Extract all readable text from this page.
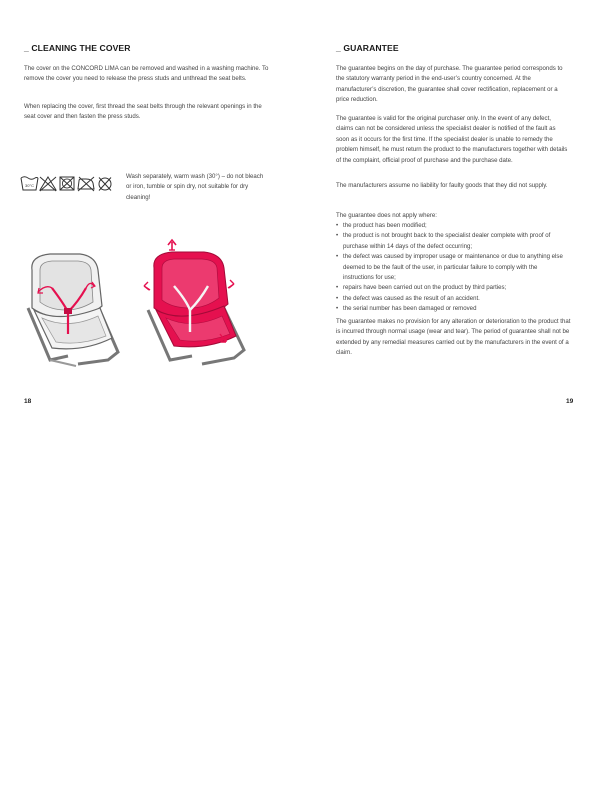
_ CLEANING THE COVER

The cover on the CONCORD LIMA can be removed and washed in a washing machine. To remove the cover you need to release the press studs and unthread the seat belts.

When replacing the cover, first thread the seat belts through the relevant openings in the seat cover and then fasten the press studs.

30°C

Wash separately, warm wash (30°) – do not bleach or iron, tumble or spin dry, not suitable for dry cleaning!

18
_ GUARANTEE

The guarantee begins on the day of purchase. The guarantee period corresponds to the statutory warranty period in the end-user’s country concerned. At the manufacturer’s discretion, the guarantee shall cover rectification, replacement or a price reduction.

The guarantee is valid for the original purchaser only. In the event of any defect, claims can not be considered unless the specialist dealer is notified of the fault as soon as it occurs for the first time. If the specialist dealer is unable to remedy the problem himself, he must return the product to the manufacturers together with details of the complaint, official proof of purchase and the purchase date.

The manufacturers assume no liability for faulty goods that they did not supply.

The guarantee does not apply where:

• the product has been modified;
• the product is not brought back to the specialist dealer complete with proof of purchase within 14 days of the defect occurring;
• the defect was caused by improper usage or maintenance or due to anything else deemed to be the fault of the user, in particular failure to comply with the instructions for use;
• repairs have been carried out on the product by third parties;
• the defect was caused as the result of an accident.
• the serial number has been damaged or removed

The guarantee makes no provision for any alteration or deterioration to the product that is incurred through normal usage (wear and tear). The period of guarantee shall not be extended by any remedial measures carried out by the manufacturers in the event of a claim.

19
